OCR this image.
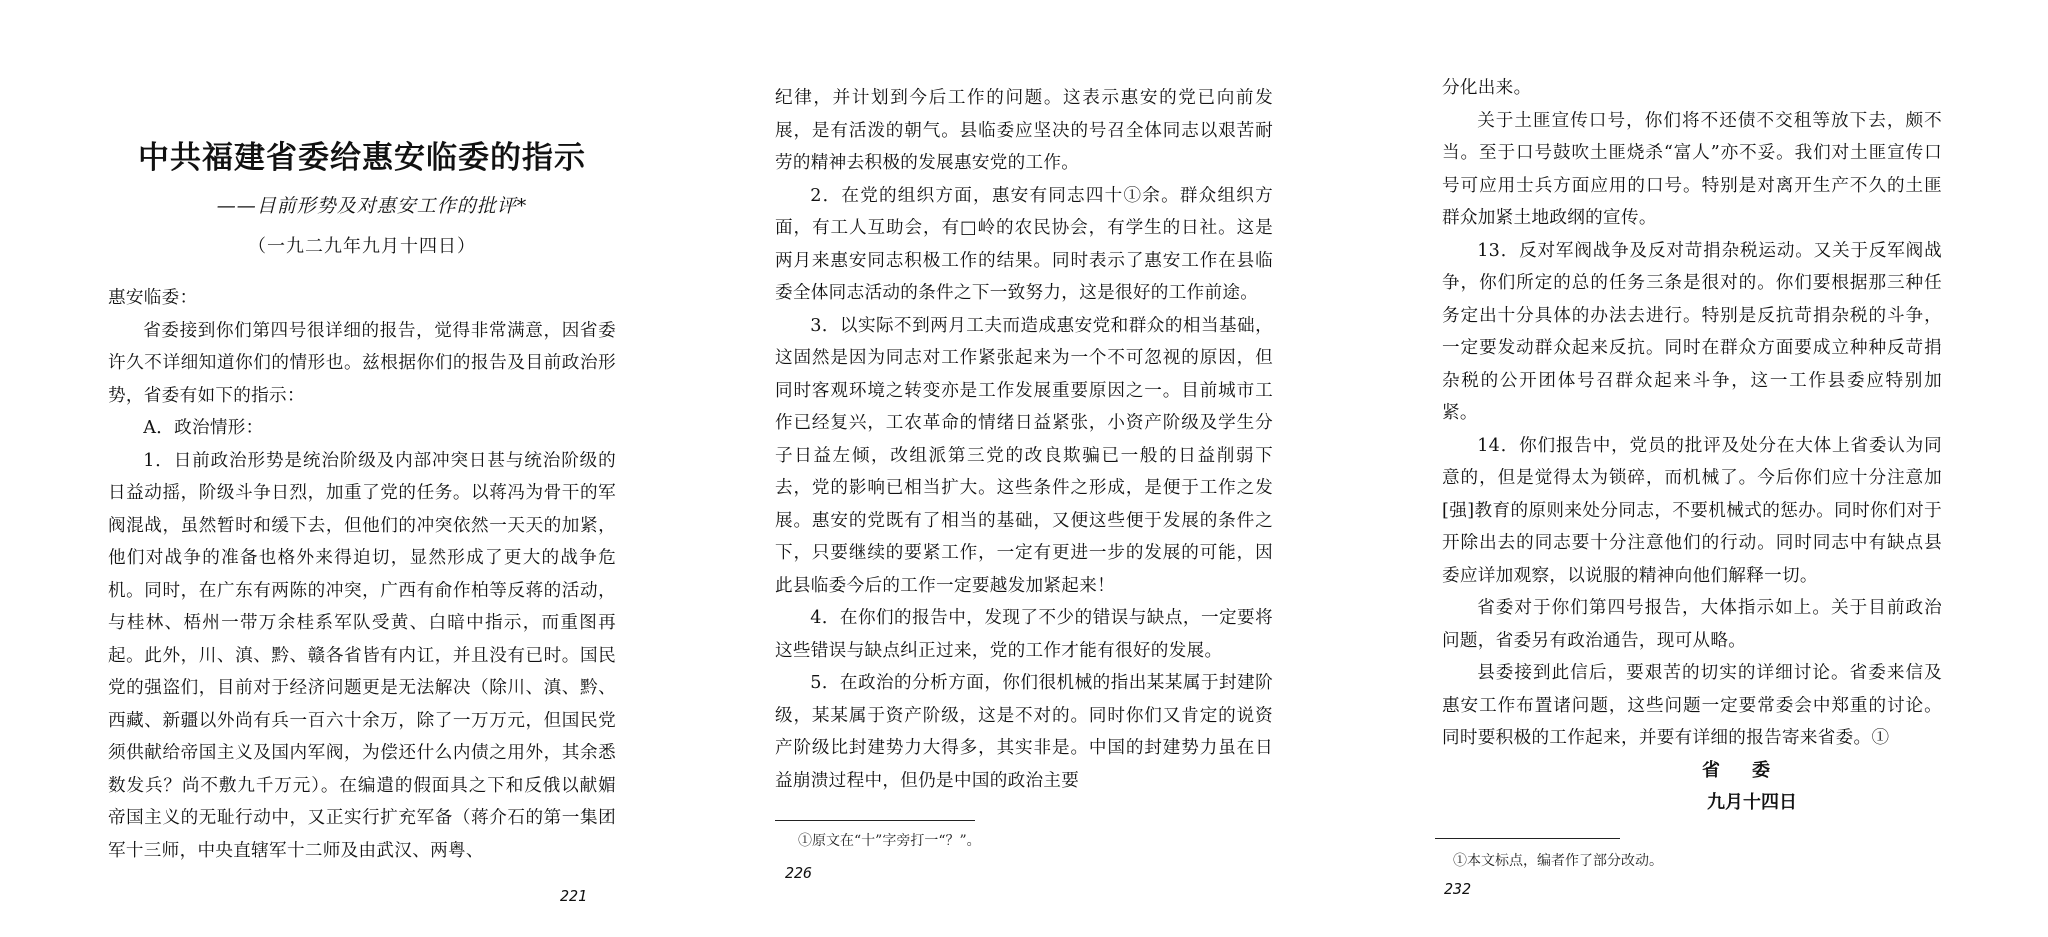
中共福建省委给惠安临委的指示
——目前形势及对惠安工作的批评*
（一九二九年九月十四日）

惠安临委：

省委接到你们第四号很详细的报告，觉得非常满意，因省委许久不详细知道你们的情形也。兹根据你们的报告及目前政治形势，省委有如下的指示：

A．政治情形：

1．日前政治形势是统治阶级及内部冲突日甚与统治阶级的日益动摇，阶级斗争日烈，加重了党的任务。以蒋冯为骨干的军阀混战，虽然暂时和缓下去，但他们的冲突依然一天天的加紧，他们对战争的准备也格外来得迫切，显然形成了更大的战争危机。同时，在广东有两陈的冲突，广西有俞作柏等反蒋的活动，与桂林、梧州一带万余桂系军队受黄、白暗中指示，而重图再起。此外，川、滇、黔、赣各省皆有内讧，并且没有已时。国民党的强盗们，目前对于经济问题更是无法解决（除川、滇、黔、西藏、新疆以外尚有兵一百六十余万，除了一万万元，但国民党须供献给帝国主义及国内军阀，为偿还什么内债之用外，其余悉数发兵？尚不敷九千万元）。在编遣的假面具之下和反俄以献媚帝国主义的无耻行动中，又正实行扩充军备（蒋介石的第一集团军十三师，中央直辖军十二师及由武汉、两粤、

221

纪律，并计划到今后工作的问题。这表示惠安的党已向前发展，是有活泼的朝气。县临委应坚决的号召全体同志以艰苦耐劳的精神去积极的发展惠安党的工作。

2．在党的组织方面，惠安有同志四十①余。群众组织方面，有工人互助会，有□岭的农民协会，有学生的日社。这是两月来惠安同志积极工作的结果。同时表示了惠安工作在县临委全体同志活动的条件之下一致努力，这是很好的工作前途。

3．以实际不到两月工夫而造成惠安党和群众的相当基础，这固然是因为同志对工作紧张起来为一个不可忽视的原因，但同时客观环境之转变亦是工作发展重要原因之一。目前城市工作已经复兴，工农革命的情绪日益紧张，小资产阶级及学生分子日益左倾，改组派第三党的改良欺骗已一般的日益削弱下去，党的影响已相当扩大。这些条件之形成，是便于工作之发展。惠安的党既有了相当的基础，又便这些便于发展的条件之下，只要继续的要紧工作，一定有更进一步的发展的可能，因此县临委今后的工作一定要越发加紧起来！

4．在你们的报告中，发现了不少的错误与缺点，一定要将这些错误与缺点纠正过来，党的工作才能有很好的发展。

5．在政治的分析方面，你们很机械的指出某某属于封建阶级，某某属于资产阶级，这是不对的。同时你们又肯定的说资产阶级比封建势力大得多，其实非是。中国的封建势力虽在日益崩溃过程中，但仍是中国的政治主要

①原文在“十”字旁打一“？”。
226

分化出来。

关于土匪宣传口号，你们将不还债不交租等放下去，颇不当。至于口号鼓吹土匪烧杀“富人”亦不妥。我们对土匪宣传口号可应用士兵方面应用的口号。特别是对离开生产不久的土匪群众加紧土地政纲的宣传。

13．反对军阀战争及反对苛捐杂税运动。又关于反军阀战争，你们所定的总的任务三条是很对的。你们要根据那三种任务定出十分具体的办法去进行。特别是反抗苛捐杂税的斗争，一定要发动群众起来反抗。同时在群众方面要成立种种反苛捐杂税的公开团体号召群众起来斗争，这一工作县委应特别加紧。

14．你们报告中，党员的批评及处分在大体上省委认为同意的，但是觉得太为锁碎，而机械了。今后你们应十分注意加[强]教育的原则来处分同志，不要机械式的惩办。同时你们对于开除出去的同志要十分注意他们的行动。同时同志中有缺点县委应详加观察，以说服的精神向他们解释一切。

省委对于你们第四号报告，大体指示如上。关于目前政治问题，省委另有政治通告，现可从略。

县委接到此信后，要艰苦的切实的详细讨论。省委来信及惠安工作布置诸问题，这些问题一定要常委会中郑重的讨论。同时要积极的工作起来，并要有详细的报告寄来省委。①

省委
九月十四日
①本文标点，编者作了部分改动。
232
